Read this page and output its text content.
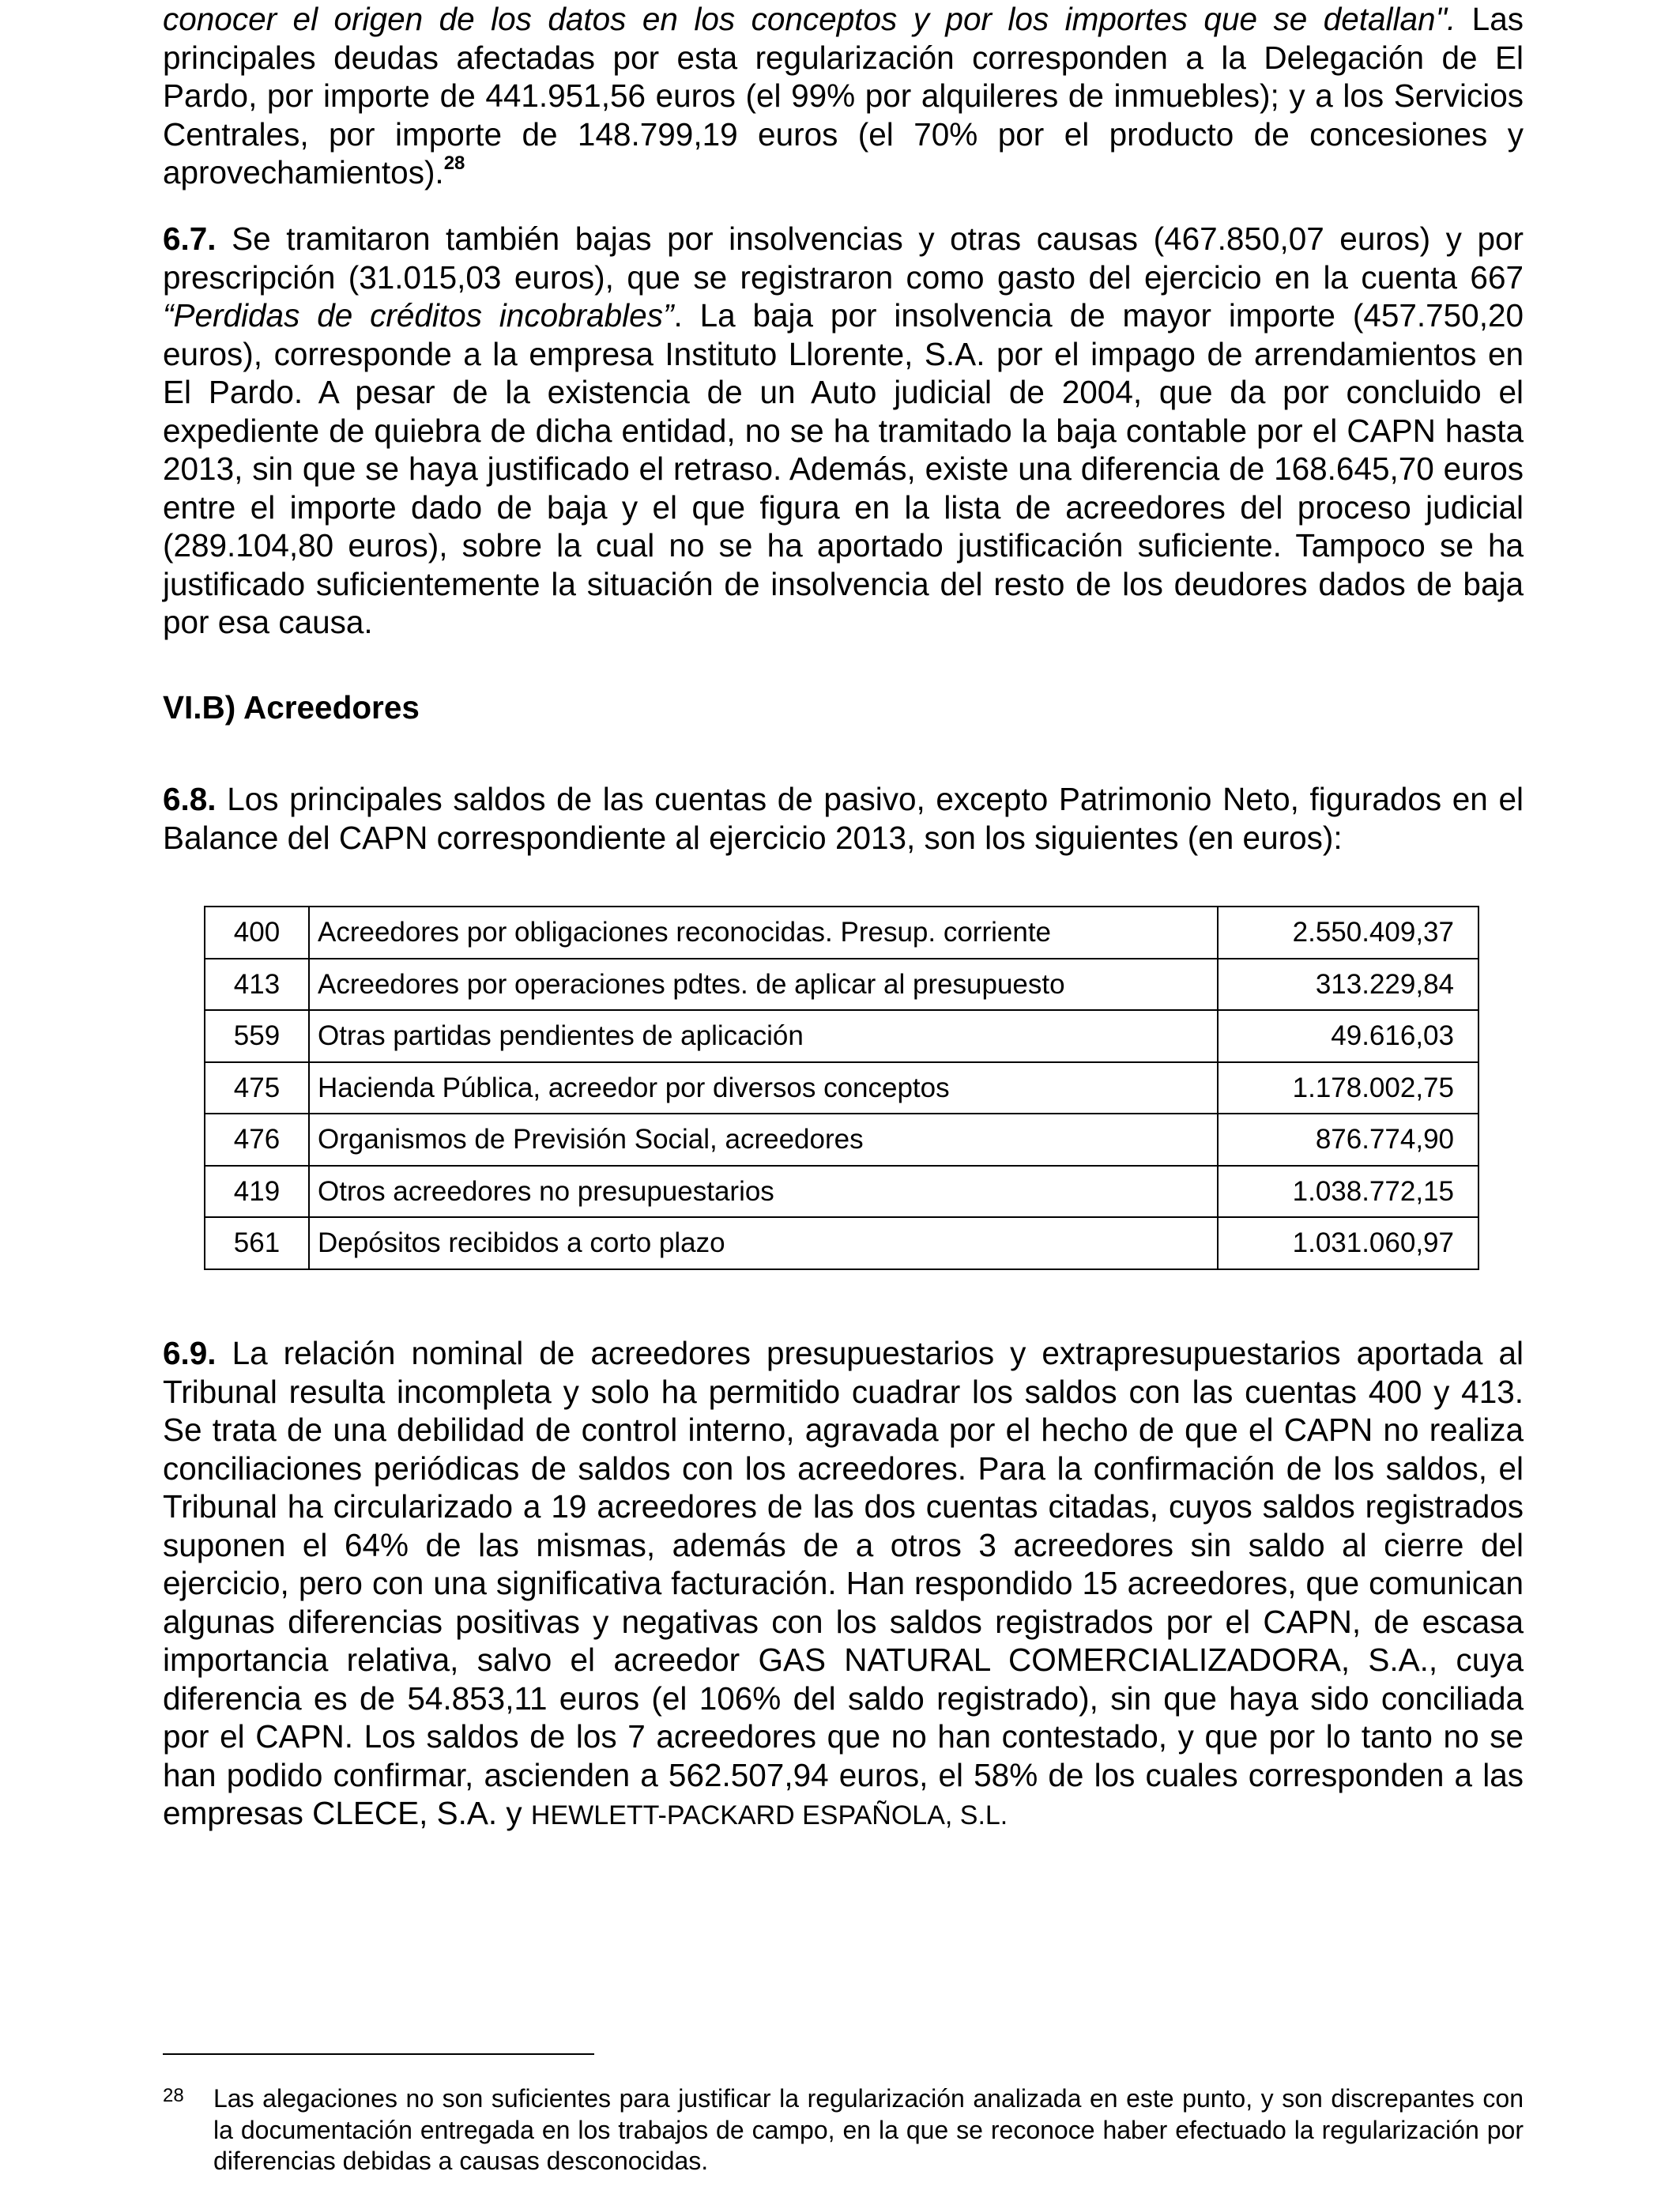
conocer el origen de los datos en los conceptos y por los importes que se detallan". Las principales deudas afectadas por esta regularización corresponden a la Delegación de El Pardo, por importe de 441.951,56 euros (el 99% por alquileres de inmuebles); y a los Servicios Centrales, por importe de 148.799,19 euros (el 70% por el producto de concesiones y aprovechamientos).$^{28}$

6.7. Se tramitaron también bajas por insolvencias y otras causas (467.850,07 euros) y por prescripción (31.015,03 euros), que se registraron como gasto del ejercicio en la cuenta 667 “Perdidas de créditos incobrables”. La baja por insolvencia de mayor importe (457.750,20 euros), corresponde a la empresa Instituto Llorente, S.A. por el impago de arrendamientos en El Pardo. A pesar de la existencia de un Auto judicial de 2004, que da por concluido el expediente de quiebra de dicha entidad, no se ha tramitado la baja contable por el CAPN hasta 2013, sin que se haya justificado el retraso. Además, existe una diferencia de 168.645,70 euros entre el importe dado de baja y el que figura en la lista de acreedores del proceso judicial (289.104,80 euros), sobre la cual no se ha aportado justificación suficiente. Tampoco se ha justificado suficientemente la situación de insolvencia del resto de los deudores dados de baja por esa causa.

VI.B) Acreedores

6.8. Los principales saldos de las cuentas de pasivo, excepto Patrimonio Neto, figurados en el Balance del CAPN correspondiente al ejercicio 2013, son los siguientes (en euros):

400	Acreedores por obligaciones reconocidas. Presup. corriente	2.550.409,37
413	Acreedores por operaciones pdtes. de aplicar al presupuesto	313.229,84
559	Otras partidas pendientes de aplicación	49.616,03
475	Hacienda Pública, acreedor por diversos conceptos	1.178.002,75
476	Organismos de Previsión Social, acreedores	876.774,90
419	Otros acreedores no presupuestarios	1.038.772,15
561	Depósitos recibidos a corto plazo	1.031.060,97

6.9. La relación nominal de acreedores presupuestarios y extrapresupuestarios aportada al Tribunal resulta incompleta y solo ha permitido cuadrar los saldos con las cuentas 400 y 413. Se trata de una debilidad de control interno, agravada por el hecho de que el CAPN no realiza conciliaciones periódicas de saldos con los acreedores. Para la confirmación de los saldos, el Tribunal ha circularizado a 19 acreedores de las dos cuentas citadas, cuyos saldos registrados suponen el 64% de las mismas, además de a otros 3 acreedores sin saldo al cierre del ejercicio, pero con una significativa facturación. Han respondido 15 acreedores, que comunican algunas diferencias positivas y negativas con los saldos registrados por el CAPN, de escasa importancia relativa, salvo el acreedor GAS NATURAL COMERCIALIZADORA, S.A., cuya diferencia es de 54.853,11 euros (el 106% del saldo registrado), sin que haya sido conciliada por el CAPN. Los saldos de los 7 acreedores que no han contestado, y que por lo tanto no se han podido confirmar, ascienden a 562.507,94 euros, el 58% de los cuales corresponden a las empresas CLECE, S.A. y HEWLETT-PACKARD ESPAÑOLA, S.L.

28 Las alegaciones no son suficientes para justificar la regularización analizada en este punto, y son discrepantes con la documentación entregada en los trabajos de campo, en la que se reconoce haber efectuado la regularización por diferencias debidas a causas desconocidas.
